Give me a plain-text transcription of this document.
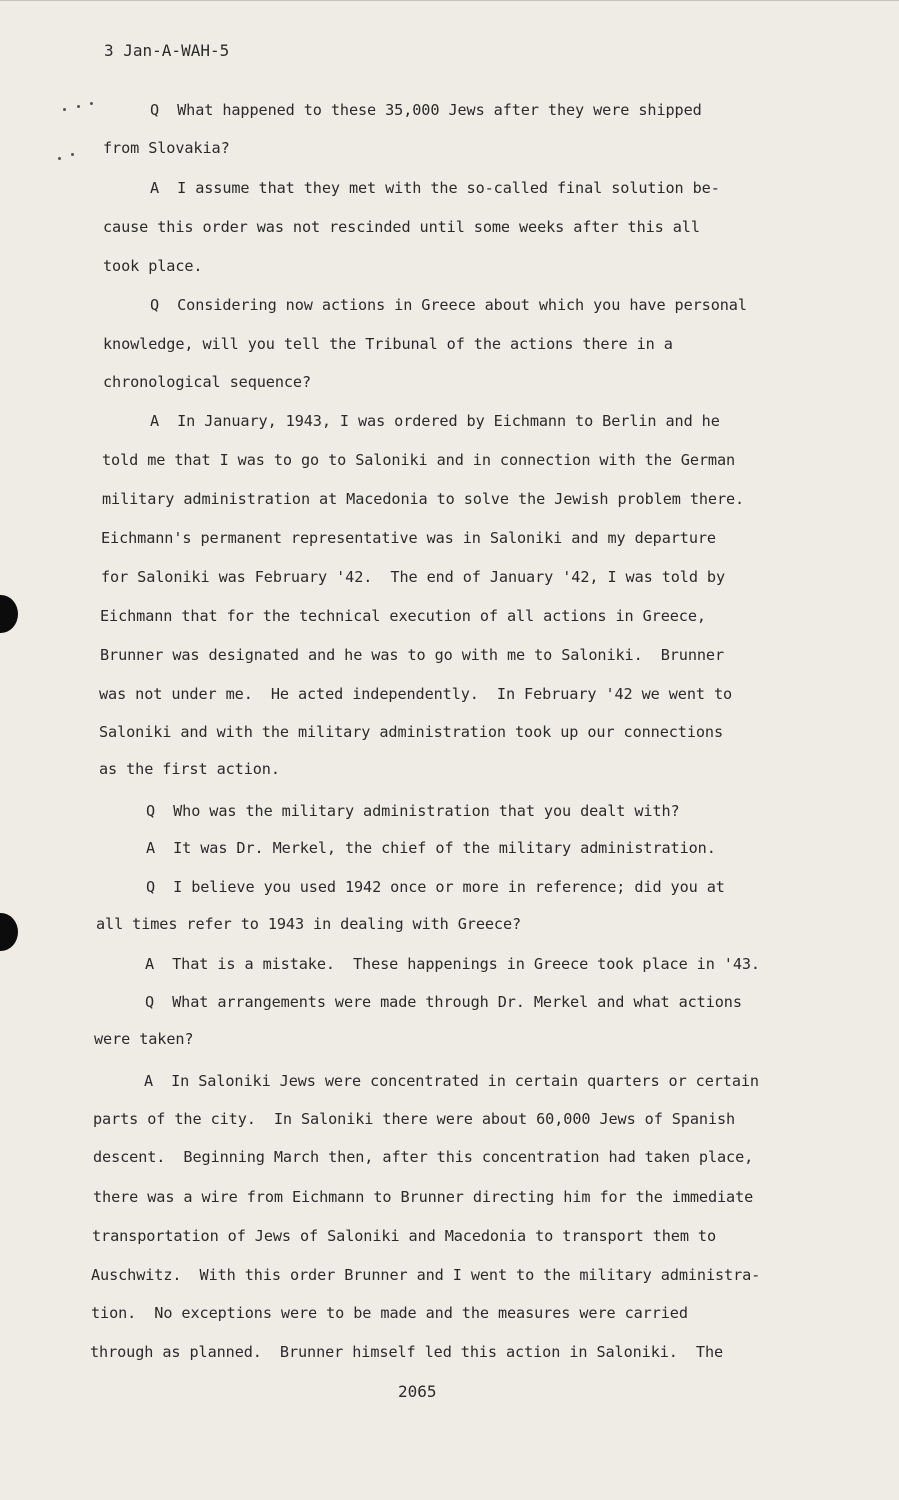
3 Jan-A-WAH-5
Q  What happened to these 35,000 Jews after they were shipped
from Slovakia?
A  I assume that they met with the so-called final solution be-
cause this order was not rescinded until some weeks after this all
took place.
Q  Considering now actions in Greece about which you have personal
knowledge, will you tell the Tribunal of the actions there in a
chronological sequence?
A  In January, 1943, I was ordered by Eichmann to Berlin and he
told me that I was to go to Saloniki and in connection with the German
military administration at Macedonia to solve the Jewish problem there.
Eichmann's permanent representative was in Saloniki and my departure
for Saloniki was February '42.  The end of January '42, I was told by
Eichmann that for the technical execution of all actions in Greece,
Brunner was designated and he was to go with me to Saloniki.  Brunner
was not under me.  He acted independently.  In February '42 we went to
Saloniki and with the military administration took up our connections
as the first action.
Q  Who was the military administration that you dealt with?
A  It was Dr. Merkel, the chief of the military administration.
Q  I believe you used 1942 once or more in reference; did you at
all times refer to 1943 in dealing with Greece?
A  That is a mistake.  These happenings in Greece took place in '43.
Q  What arrangements were made through Dr. Merkel and what actions
were taken?
A  In Saloniki Jews were concentrated in certain quarters or certain
parts of the city.  In Saloniki there were about 60,000 Jews of Spanish
descent.  Beginning March then, after this concentration had taken place,
there was a wire from Eichmann to Brunner directing him for the immediate
transportation of Jews of Saloniki and Macedonia to transport them to
Auschwitz.  With this order Brunner and I went to the military administra-
tion.  No exceptions were to be made and the measures were carried
through as planned.  Brunner himself led this action in Saloniki.  The
2065
